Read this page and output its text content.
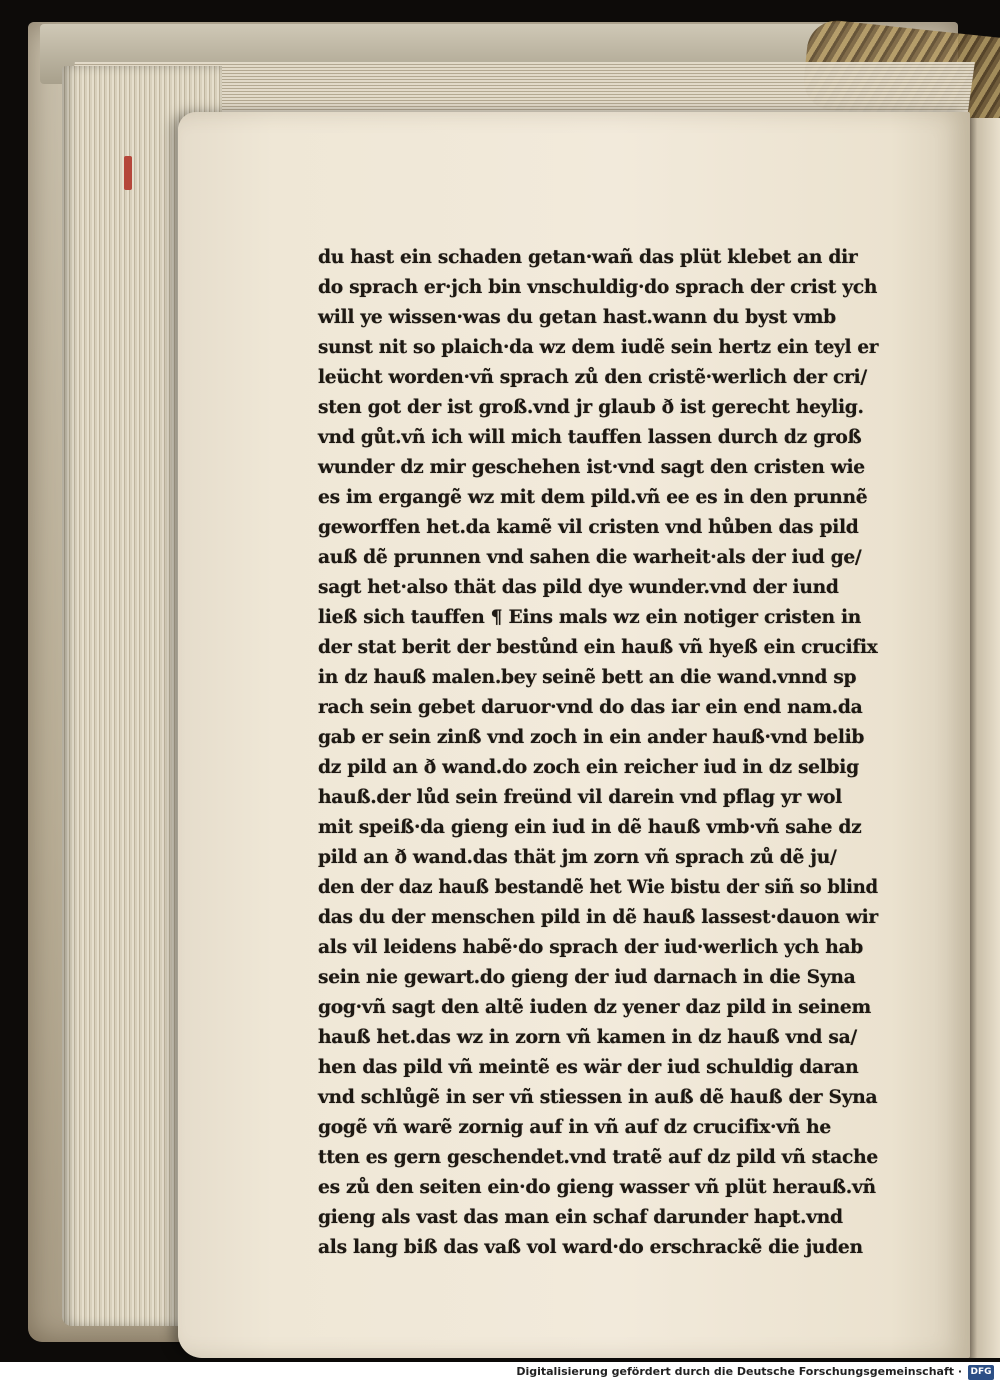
du hast ein schaden getan·wañ das plüt klebet an dir
do sprach er·jch bin vnschuldig·do sprach der crist ych
will ye wissen·was du getan hast.wann du byst vmb
sunst nit so plaich·da wz dem iudẽ sein hertz ein teyl er
leücht worden·vñ sprach zů den cristẽ·werlich der cri/
sten got der ist groß.vnd jr glaub ð ist gerecht heylig.
vnd gůt.vñ ich will mich tauffen lassen durch dz groß
wunder dz mir geschehen ist·vnd sagt den cristen wie
es im ergangẽ wz mit dem pild.vñ ee es in den prunnẽ
geworffen het.da kamẽ vil cristen vnd hůben das pild
auß dẽ prunnen vnd sahen die warheit·als der iud ge/
sagt het·also thät das pild dye wunder.vnd der iund
ließ sich tauffen ¶ Eins mals wz ein notiger cristen in
der stat berit der bestůnd ein hauß vñ hyeß ein crucifix
in dz hauß malen.bey seinẽ bett an die wand.vnnd sp
rach sein gebet daruor·vnd do das iar ein end nam.da
gab er sein zinß vnd zoch in ein ander hauß·vnd belib
dz pild an ð wand.do zoch ein reicher iud in dz selbig
hauß.der lůd sein freünd vil darein vnd pflag yr wol
mit speiß·da gieng ein iud in dẽ hauß vmb·vñ sahe dz
pild an ð wand.das thät jm zorn vñ sprach zů dẽ ju/
den der daz hauß bestandẽ het Wie bistu der siñ so blind
das du der menschen pild in dẽ hauß lassest·dauon wir
als vil leidens habẽ·do sprach der iud·werlich ych hab
sein nie gewart.do gieng der iud darnach in die Syna
gog·vñ sagt den altẽ iuden dz yener daz pild in seinem
hauß het.das wz in zorn vñ kamen in dz hauß vnd sa/
hen das pild vñ meintẽ es wär der iud schuldig daran
vnd schlůgẽ in ser vñ stiessen in auß dẽ hauß der Syna
gogẽ vñ warẽ zornig auf in vñ auf dz crucifix·vñ he
tten es gern geschendet.vnd tratẽ auf dz pild vñ stache
es zů den seiten ein·do gieng wasser vñ plüt herauß.vñ
gieng als vast das man ein schaf darunder hapt.vnd
als lang biß das vaß vol ward·do erschrackẽ die juden
Digitalisierung gefördert durch die Deutsche Forschungsgemeinschaft · DFG
